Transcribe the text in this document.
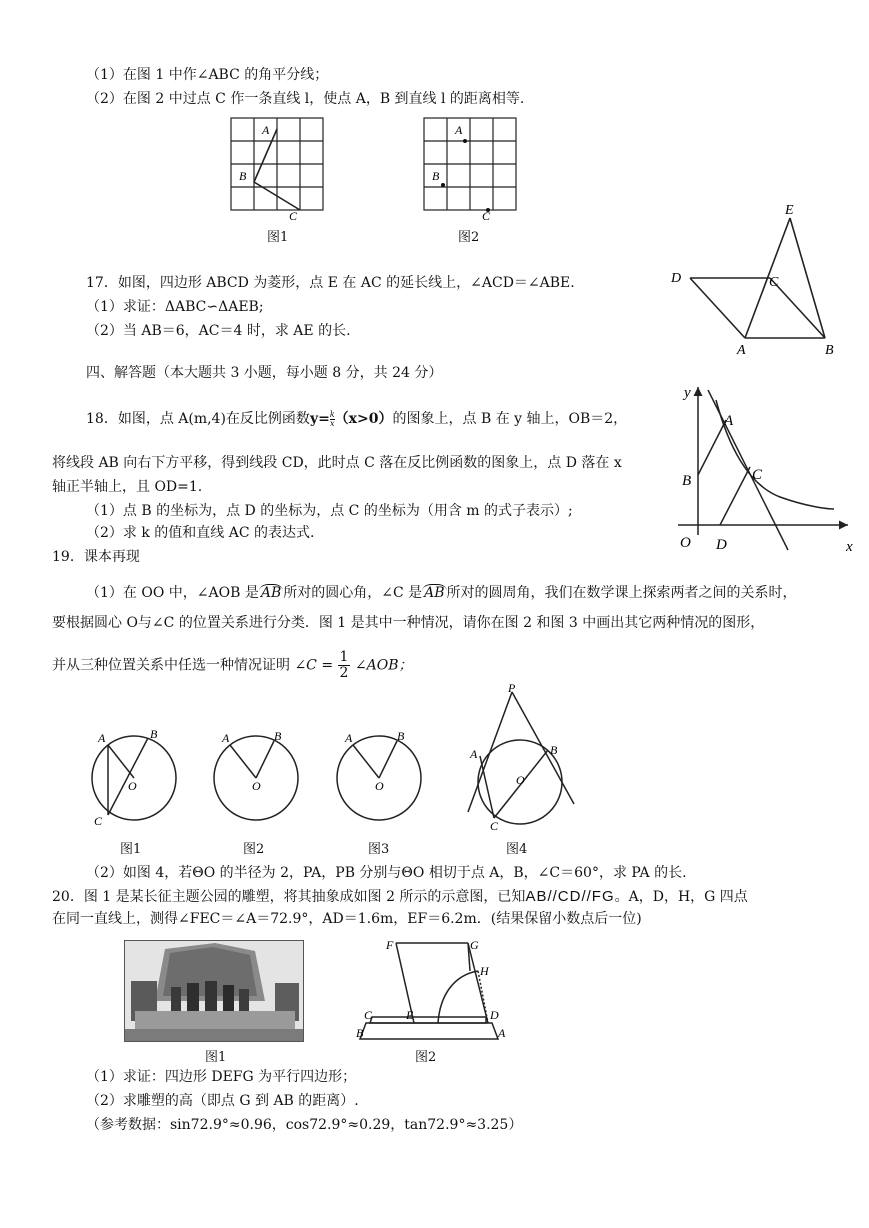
（1）在图 1 中作∠ABC 的角平分线；
（2）在图 2 中过点 C 作一条直线 l，使点 A，B 到直线 l 的距离相等.
A
B
C
图1
A
B
C
图2
17．如图，四边形 ABCD 为菱形，点 E 在 AC 的延长线上，∠ACD＝∠ABE.
（1）求证：ΔABC∽ΔAEB;
（2）当 AB＝6，AC＝4 时，求 AE 的长.
E
D	C
A	B
四、解答题（本大题共 3 小题，每小题 8 分，共 24 分）
18．如图，点 A(m,4)在反比例函数$y= \frac{k}{x} (x>0)$的图象上，点 B 在 y 轴上，OB＝2，
将线段 AB 向右下方平移，得到线段 CD，此时点 C 落在反比例函数的图象上，点 D 落在 x
轴正半轴上，且 OD=1.
（1）点 B 的坐标为，点 D 的坐标为，点 C 的坐标为（用含 m 的式子表示）;
（2）求 k 的值和直线 AC 的表达式.
y
x
A
B	C
O D
19．课本再现
（1）在 OO 中，∠AOB 是 AB 所对的圆心角，∠C 是 AB 所对的圆周角，我们在数学课上探索两者之间的关系时，
要根据圆心 O与∠C 的位置关系进行分类．图 1 是其中一种情况，请你在图 2 和图 3 中画出其它两种情况的图形，
并从三种位置关系中任选一种情况证明 ∠C = $\frac{1}{2}$ ∠AOB；
A	B
O
C
图1
A	B
O
图2
A	B
O
图3
P
A	B
O
C
图4
（2）如图 4，若ΘO 的半径为 2，PA，PB 分别与ΘO 相切于点 A，B，∠C＝60°，求 PA 的长.
20．图 1 是某长征主题公园的雕塑，将其抽象成如图 2 所示的示意图，已知AB//CD//FG。A，D，H，G 四点
在同一直线上，测得∠FEC＝∠A＝72.9°，AD＝1.6m，EF＝6.2m．(结果保留小数点后一位)
图1
F	G
H
C	E	D
B	A
图2
（1）求证：四边形 DEFG 为平行四边形；
（2）求雕塑的高（即点 G 到 AB 的距离）.
（参考数据：sin72.9°≈0.96，cos72.9°≈0.29，tan72.9°≈3.25）
